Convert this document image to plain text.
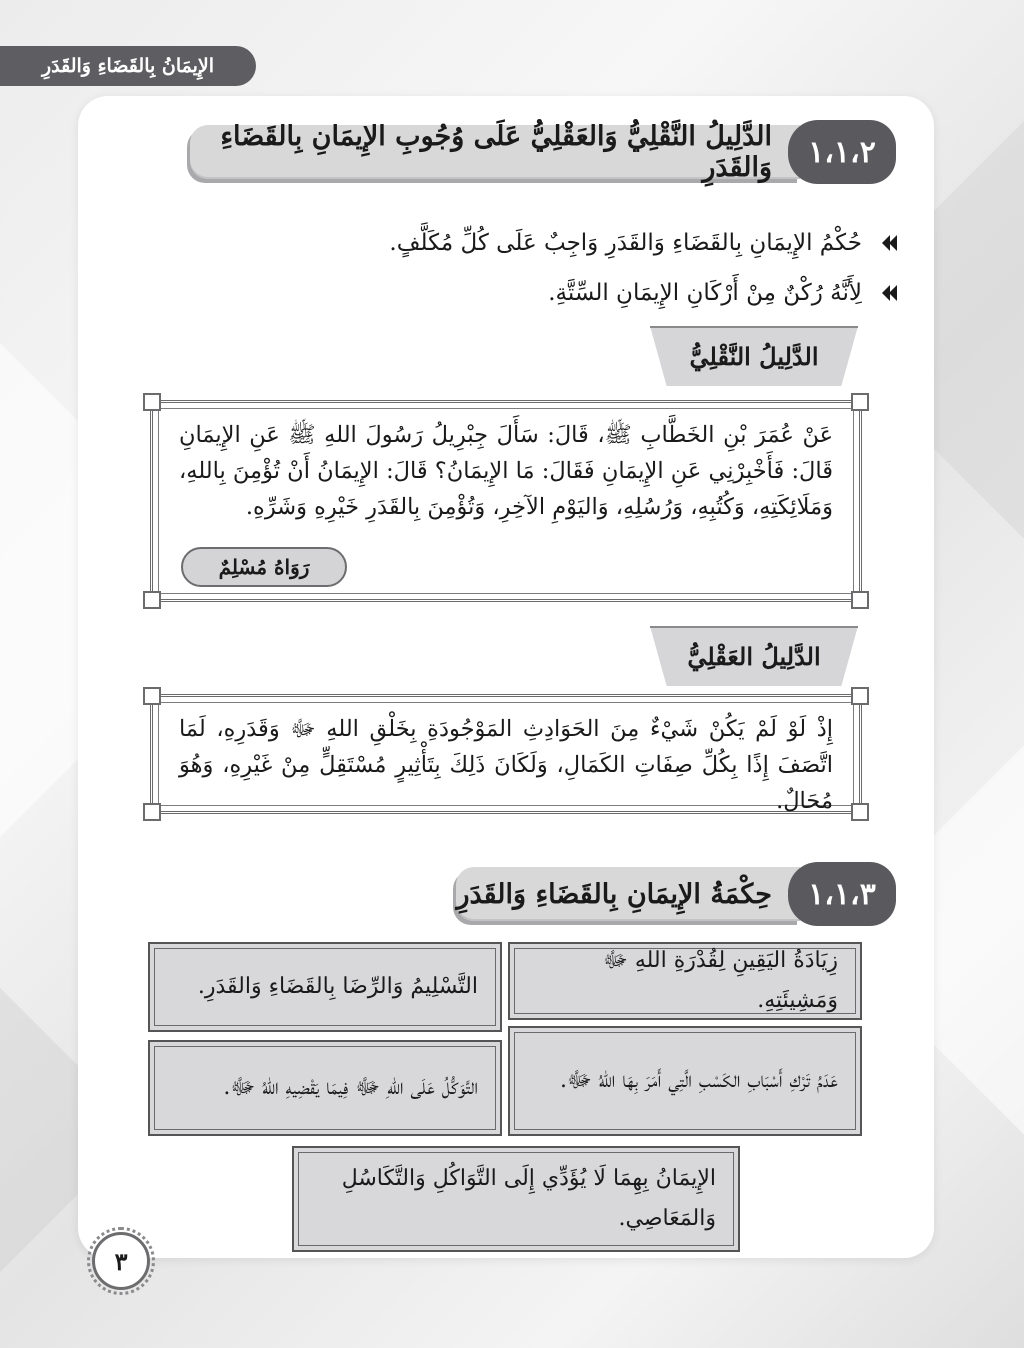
الإِيمَانُ بِالقَضَاءِ وَالقَدَرِ
الدَّلِيلُ النَّقْلِيُّ وَالعَقْلِيُّ عَلَى وُجُوبِ الإِيمَانِ بِالقَضَاءِ وَالقَدَرِ	١،١،٢
حُكْمُ الإِيمَانِ بِالقَضَاءِ وَالقَدَرِ وَاجِبٌ عَلَى كُلِّ مُكَلَّفٍ.
لِأَنَّهُ رُكْنٌ مِنْ أَرْكَانِ الإِيمَانِ السِّتَّةِ.
الدَّلِيلُ النَّقْلِيُّ
عَنْ عُمَرَ بْنِ الخَطَّابِ ﷺ، قَالَ: سَأَلَ جِبْرِيلُ رَسُولَ اللهِ ﷺ عَنِ الإِيمَانِ قَالَ: فَأَخْبِرْنِي عَنِ الإِيمَانِ فَقَالَ: مَا الإِيمَانُ؟ قَالَ: الإِيمَانُ أَنْ تُؤْمِنَ بِاللهِ، وَمَلَائِكَتِهِ، وَكُتُبِهِ، وَرُسُلِهِ، وَاليَوْمِ الآخِرِ، وَتُؤْمِنَ بِالقَدَرِ خَيْرِهِ وَشَرِّهِ.
رَوَاهُ مُسْلِمٌ
الدَّلِيلُ العَقْلِيُّ
إِذْ لَوْ لَمْ يَكُنْ شَيْءٌ مِنَ الحَوَادِثِ المَوْجُودَةِ بِخَلْقِ اللهِ ﷻ وَقَدَرِهِ، لَمَا اتَّصَفَ إِذًا بِكُلِّ صِفَاتِ الكَمَالِ، وَلَكَانَ ذَلِكَ بِتَأْثِيرٍ مُسْتَقِلٍّ مِنْ غَيْرِهِ، وَهُوَ مُحَالٌ.
حِكْمَةُ الإِيمَانِ بِالقَضَاءِ وَالقَدَرِ	١،١،٣
زِيَادَةُ اليَقِينِ لِقُدْرَةِ اللهِ ﷻ وَمَشِيئَتِهِ.
التَّسْلِيمُ وَالرِّضَا بِالقَضَاءِ وَالقَدَرِ.
عَدَمُ تَرْكِ أَسْبَابِ الكَسْبِ الَّتِي أَمَرَ بِهَا اللهُ ﷻ.
التَّوَكُّلُ عَلَى اللهِ ﷻ فِيمَا يَقْضِيهِ اللهُ ﷻ.
الإِيمَانُ بِهِمَا لَا يُؤَدِّي إِلَى التَّوَاكُلِ وَالتَّكَاسُلِ وَالمَعَاصِي.
٣
